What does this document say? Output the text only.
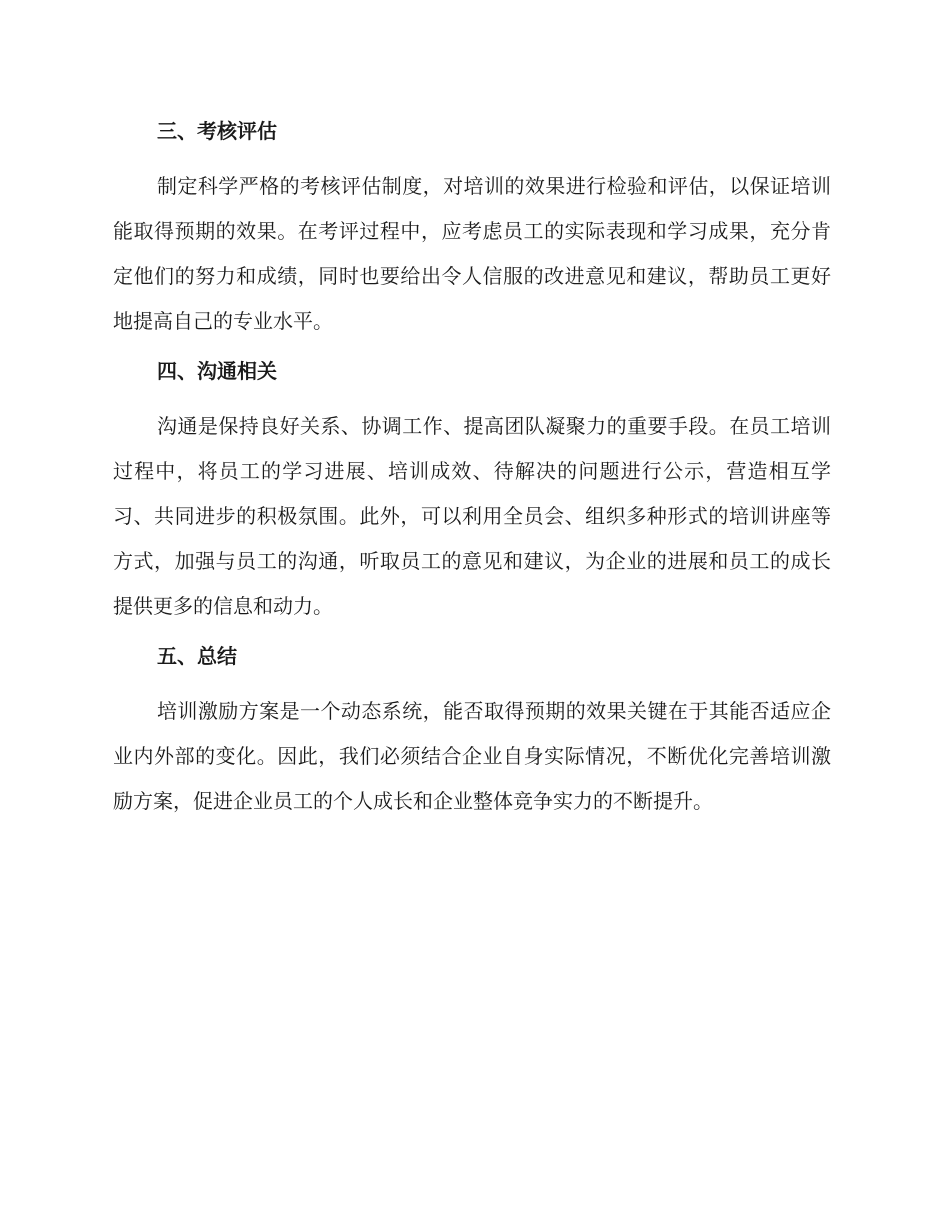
三、考核评估

制定科学严格的考核评估制度，对培训的效果进行检验和评估，以保证培训能取得预期的效果。在考评过程中，应考虑员工的实际表现和学习成果，充分肯定他们的努力和成绩，同时也要给出令人信服的改进意见和建议，帮助员工更好地提高自己的专业水平。

四、沟通相关

沟通是保持良好关系、协调工作、提高团队凝聚力的重要手段。在员工培训过程中，将员工的学习进展、培训成效、待解决的问题进行公示，营造相互学习、共同进步的积极氛围。此外，可以利用全员会、组织多种形式的培训讲座等方式，加强与员工的沟通，听取员工的意见和建议，为企业的进展和员工的成长提供更多的信息和动力。

五、总结

培训激励方案是一个动态系统，能否取得预期的效果关键在于其能否适应企业内外部的变化。因此，我们必须结合企业自身实际情况，不断优化完善培训激励方案，促进企业员工的个人成长和企业整体竞争实力的不断提升。
